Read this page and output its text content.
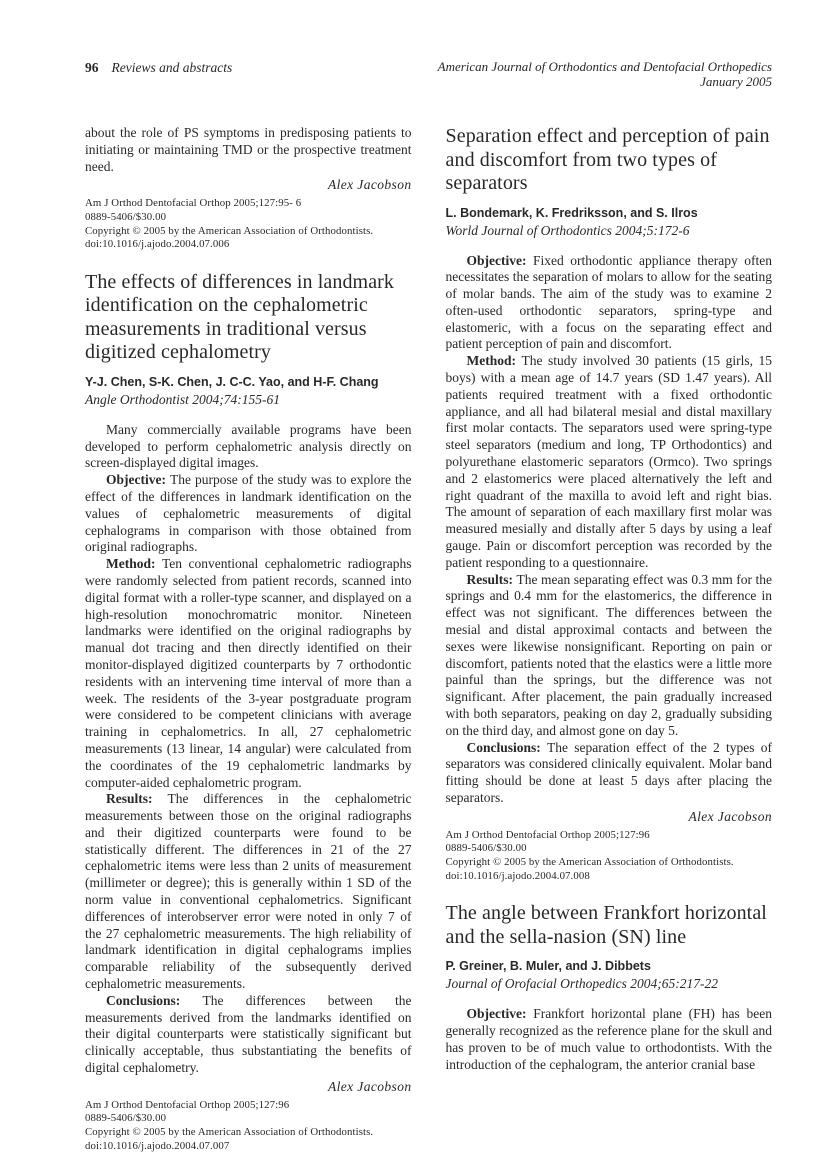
96 Reviews and abstracts	American Journal of Orthodontics and Dentofacial Orthopedics
January 2005

about the role of PS symptoms in predisposing patients to initiating or maintaining TMD or the prospective treatment need.

Alex Jacobson
Am J Orthod Dentofacial Orthop 2005;127:95- 6
0889-5406/$30.00
Copyright © 2005 by the American Association of Orthodontists.
doi:10.1016/j.ajodo.2004.07.006
The effects of differences in landmark identification on the cephalometric measurements in traditional versus digitized cephalometry
Y-J. Chen, S-K. Chen, J. C-C. Yao, and H-F. Chang
Angle Orthodontist 2004;74:155-61

Many commercially available programs have been developed to perform cephalometric analysis directly on screen-displayed digital images.

Objective: The purpose of the study was to explore the effect of the differences in landmark identification on the values of cephalometric measurements of digital cephalograms in comparison with those obtained from original radiographs.

Method: Ten conventional cephalometric radiographs were randomly selected from patient records, scanned into digital format with a roller-type scanner, and displayed on a high-resolution monochromatric monitor. Nineteen landmarks were identified on the original radiographs by manual dot tracing and then directly identified on their monitor-displayed digitized counterparts by 7 orthodontic residents with an intervening time interval of more than a week. The residents of the 3-year postgraduate program were considered to be competent clinicians with average training in cephalometrics. In all, 27 cephalometric measurements (13 linear, 14 angular) were calculated from the coordinates of the 19 cephalometric landmarks by computer-aided cephalometric program.

Results: The differences in the cephalometric measurements between those on the original radiographs and their digitized counterparts were found to be statistically different. The differences in 21 of the 27 cephalometric items were less than 2 units of measurement (millimeter or degree); this is generally within 1 SD of the norm value in conventional cephalometrics. Significant differences of interobserver error were noted in only 7 of the 27 cephalometric measurements. The high reliability of landmark identification in digital cephalograms implies comparable reliability of the subsequently derived cephalometric measurements.

Conclusions: The differences between the measurements derived from the landmarks identified on their digital counterparts were statistically significant but clinically acceptable, thus substantiating the benefits of digital cephalometry.

Alex Jacobson
Am J Orthod Dentofacial Orthop 2005;127:96
0889-5406/$30.00
Copyright © 2005 by the American Association of Orthodontists.
doi:10.1016/j.ajodo.2004.07.007
Separation effect and perception of pain and discomfort from two types of separators
L. Bondemark, K. Fredriksson, and S. Ilros
World Journal of Orthodontics 2004;5:172-6

Objective: Fixed orthodontic appliance therapy often necessitates the separation of molars to allow for the seating of molar bands. The aim of the study was to examine 2 often-used orthodontic separators, spring-type and elastomeric, with a focus on the separating effect and patient perception of pain and discomfort.

Method: The study involved 30 patients (15 girls, 15 boys) with a mean age of 14.7 years (SD 1.47 years). All patients required treatment with a fixed orthodontic appliance, and all had bilateral mesial and distal maxillary first molar contacts. The separators used were spring-type steel separators (medium and long, TP Orthodontics) and polyurethane elastomeric separators (Ormco). Two springs and 2 elastomerics were placed alternatively the left and right quadrant of the maxilla to avoid left and right bias. The amount of separation of each maxillary first molar was measured mesially and distally after 5 days by using a leaf gauge. Pain or discomfort perception was recorded by the patient responding to a questionnaire.

Results: The mean separating effect was 0.3 mm for the springs and 0.4 mm for the elastomerics, the difference in effect was not significant. The differences between the mesial and distal approximal contacts and between the sexes were likewise nonsignificant. Reporting on pain or discomfort, patients noted that the elastics were a little more painful than the springs, but the difference was not significant. After placement, the pain gradually increased with both separators, peaking on day 2, gradually subsiding on the third day, and almost gone on day 5.

Conclusions: The separation effect of the 2 types of separators was considered clinically equivalent. Molar band fitting should be done at least 5 days after placing the separators.

Alex Jacobson
Am J Orthod Dentofacial Orthop 2005;127:96
0889-5406/$30.00
Copyright © 2005 by the American Association of Orthodontists.
doi:10.1016/j.ajodo.2004.07.008
The angle between Frankfort horizontal and the sella-nasion (SN) line
P. Greiner, B. Muler, and J. Dibbets
Journal of Orofacial Orthopedics 2004;65:217-22

Objective: Frankfort horizontal plane (FH) has been generally recognized as the reference plane for the skull and has proven to be of much value to orthodontists. With the introduction of the cephalogram, the anterior cranial base
